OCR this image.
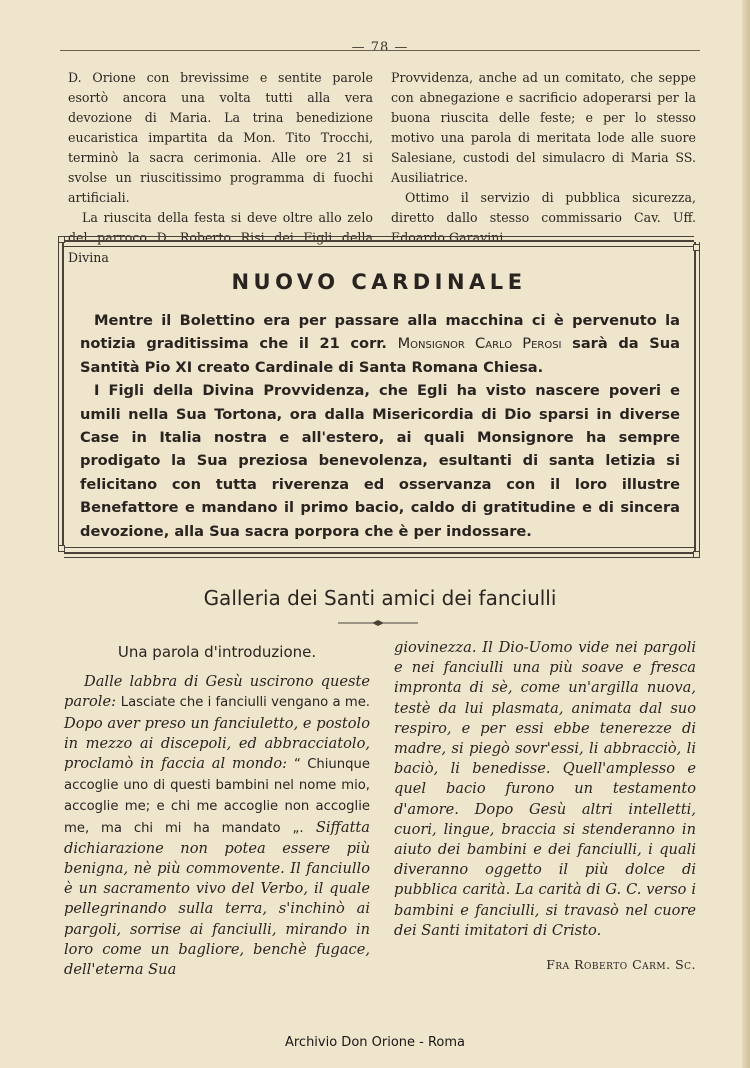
— 78 —

D. Orione con brevissime e sentite parole esortò ancora una volta tutti alla vera devozione di Maria. La trina benedizione eucaristica impartita da Mon. Tito Trocchi, terminò la sacra cerimonia. Alle ore 21 si svolse un riuscitissimo programma di fuochi artificiali.

La riuscita della festa si deve oltre allo zelo del parroco D. Roberto Risi dei Figli della Divina

Provvidenza, anche ad un comitato, che seppe con abnegazione e sacrificio adoperarsi per la buona riuscita delle feste; e per lo stesso motivo una parola di meritata lode alle suore Salesiane, custodi del simulacro di Maria SS. Ausiliatrice.

Ottimo il servizio di pubblica sicurezza, diretto dallo stesso commissario Cav. Uff. Edoardo Garavini.

NUOVO CARDINALE

Mentre il Bolettino era per passare alla macchina ci è pervenuto la notizia graditissima che il 21 corr. Monsignor Carlo Perosi sarà da Sua Santità Pio XI creato Cardinale di Santa Romana Chiesa.

I Figli della Divina Provvidenza, che Egli ha visto nascere poveri e umili nella Sua Tortona, ora dalla Misericordia di Dio sparsi in diverse Case in Italia nostra e all'estero, ai quali Monsignore ha sempre prodigato la Sua preziosa benevolenza, esultanti di santa letizia si felicitano con tutta riverenza ed osservanza con il loro illustre Benefattore e mandano il primo bacio, caldo di gratitudine e di sincera devozione, alla Sua sacra porpora che è per indossare.

Galleria dei Santi amici dei fanciulli
Una parola d'introduzione.

Dalle labbra di Gesù uscirono queste parole: Lasciate che i fanciulli vengano a me. Dopo aver preso un fanciuletto, e postolo in mezzo ai discepoli, ed abbracciatolo, proclamò in faccia al mondo: “ Chiunque accoglie uno di questi bambini nel nome mio, accoglie me; e chi me accoglie non accoglie me, ma chi mi ha mandato „. Siffatta dichiarazione non potea essere più benigna, nè più commovente. Il fanciullo è un sacramento vivo del Verbo, il quale pellegrinando sulla terra, s'inchinò ai pargoli, sorrise ai fanciulli, mirando in loro come un bagliore, benchè fugace, dell'eterna Sua

giovinezza. Il Dio-Uomo vide nei pargoli e nei fanciulli una più soave e fresca impronta di sè, come un'argilla nuova, testè da lui plasmata, animata dal suo respiro, e per essi ebbe tenerezze di madre, si piegò sovr'essi, li abbracciò, li baciò, li benedisse. Quell'amplesso e quel bacio furono un testamento d'amore. Dopo Gesù altri intelletti, cuori, lingue, braccia si stenderanno in aiuto dei bambini e dei fanciulli, i quali diveranno oggetto il più dolce di pubblica carità. La carità di G. C. verso i bambini e fanciulli, si travasò nel cuore dei Santi imitatori di Cristo.

Fra Roberto Carm. Sc.
Archivio Don Orione - Roma
